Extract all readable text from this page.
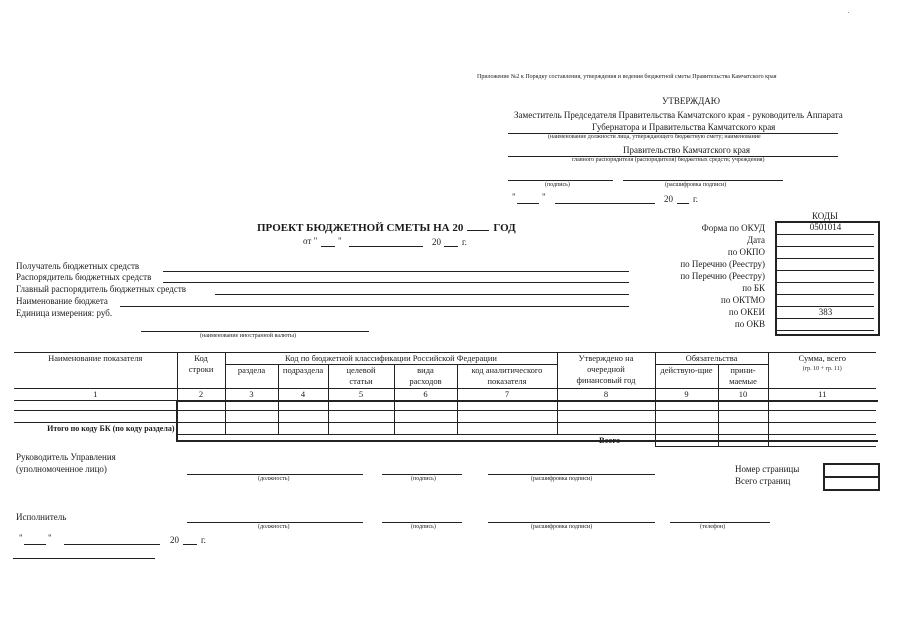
Приложение №2 к Порядку составления, утверждения и ведения бюджетной сметы Правительства Камчатского края
УТВЕРЖДАЮ
Заместитель Председателя Правительства Камчатского края - руководитель Аппарата
Губернатора и Правительства Камчатского края
(наименование должности лица, утверждающего бюджетную смету; наименование
Правительство Камчатского края
главного распорядителя (распорядителя) бюджетных средств; учреждения)
(подпись)	(расшифровка подписи)
"	"	20 г.
ПРОЕКТ БЮДЖЕТНОЙ СМЕТЫ НА 20	ГОД
от " "	20 г.
КОДЫ
Форма по ОКУД	0501014
Дата
по ОКПО
по Перечню (Реестру)
по Перечню (Реестру)
по БК
по ОКТМО
по ОКЕИ	383
по ОКВ
Получатель бюджетных средств
Распорядитель бюджетных средств
Главный распорядитель бюджетных средств
Наименование бюджета
Единица измерения: руб.
(наименование иностранной валюты)
Наименование показателя	Код строки	Код по бюджетной классификации Российской Федерации					Утверждено на очередной финансовый год	Обязательства		Сумма, всего
(гр. 10 + гр. 11)

		раздела	подраздела	целевой статьи	вида расходов	код аналитического показателя		действую-щие	прини-маемые	
1	2	3	4	5	6	7	8	9	10	11

Итого по коду БК (по коду раздела)										
							Всего			
Руководитель Управления
(уполномоченное лицо)
(должность)	(подпись)	(расшифровка подписи)
Номер страницы
Всего страниц
Исполнитель
(должность)	(подпись)	(расшифровка подписи)	(телефон)
"	"	20 г.
